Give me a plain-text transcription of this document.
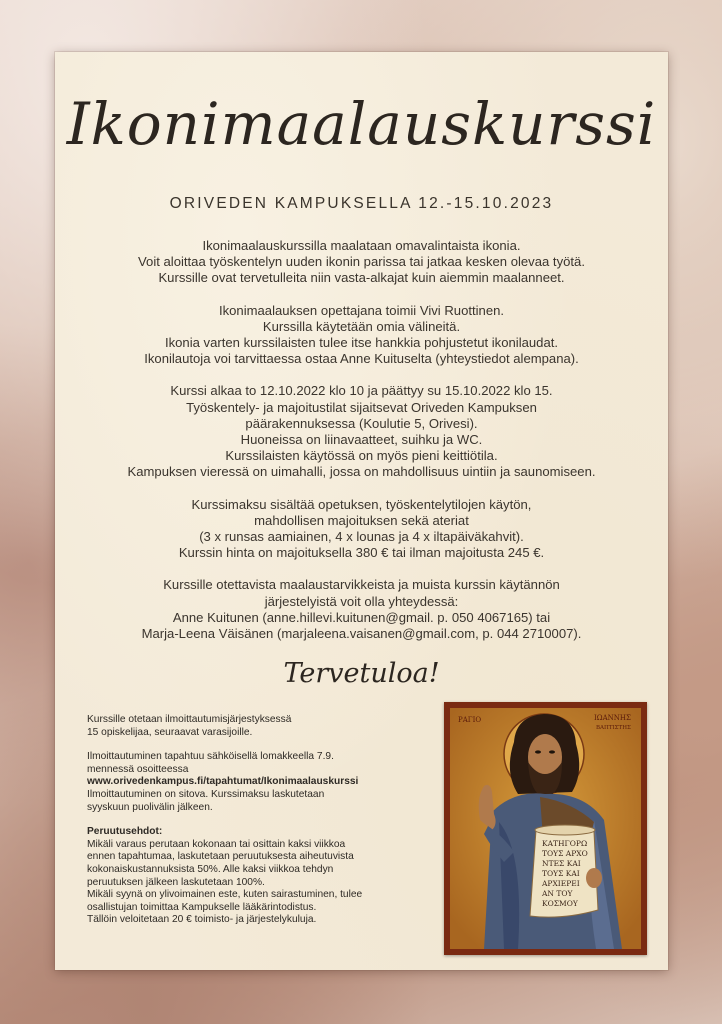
Ikonimaalauskurssi

ORIVEDEN KAMPUKSELLA 12.-15.10.2023

Ikonimaalauskurssilla maalataan omavalintaista ikonia.
Voit aloittaa työskentelyn uuden ikonin parissa tai jatkaa kesken olevaa työtä.
Kurssille ovat tervetulleita niin vasta-alkajat kuin aiemmin maalanneet.

Ikonimaalauksen opettajana toimii Vivi Ruottinen.
Kurssilla käytetään omia välineitä.
Ikonia varten kurssilaisten tulee itse hankkia pohjustetut ikonilaudat.
Ikonilautoja voi tarvittaessa ostaa Anne Kuituselta (yhteystiedot alempana).

Kurssi alkaa to 12.10.2022 klo 10 ja päättyy su 15.10.2022 klo 15.
Työskentely- ja majoitustilat sijaitsevat Oriveden Kampuksen
päärakennuksessa (Koulutie 5, Orivesi).
Huoneissa on liinavaatteet, suihku ja WC.
Kurssilaisten käytössä on myös pieni keittiötila.
Kampuksen vieressä on uimahalli, jossa on mahdollisuus uintiin ja saunomiseen.

Kurssimaksu sisältää opetuksen, työskentelytilojen käytön,
mahdollisen majoituksen sekä ateriat
(3 x runsas aamiainen, 4 x lounas ja 4 x iltapäiväkahvit).
Kurssin hinta on majoituksella 380 € tai ilman majoitusta 245 €.

Kurssille otettavista maalaustarvikkeista ja muista kurssin käytännön
järjestelyistä voit olla yhteydessä:
Anne Kuitunen (anne.hillevi.kuitunen@gmail. p. 050 4067165) tai
Marja-Leena Väisänen (marjaleena.vaisanen@gmail.com, p. 044 2710007).

Tervetuloa!

Kurssille otetaan ilmoittautumisjärjestyksessä
15 opiskelijaa, seuraavat varasijoille.

Ilmoittautuminen tapahtuu sähköisellä lomakkeella 7.9.
mennessä osoitteessa
www.orivedenkampus.fi/tapahtumat/Ikonimaalauskurssi
Ilmoittautuminen on sitova. Kurssimaksu laskutetaan
syyskuun puolivälin jälkeen.

Peruutusehdot:
Mikäli varaus perutaan kokonaan tai osittain kaksi viikkoa
ennen tapahtumaa, laskutetaan peruutuksesta aiheutuvista
kokonaiskustannuksista 50%. Alle kaksi viikkoa tehdyn
peruutuksen jälkeen laskutetaan 100%.
Mikäli syynä on ylivoimainen este, kuten sairastuminen, tulee
osallistujan toimittaa Kampukselle lääkärintodistus.
Tällöin veloitetaan 20 € toimisto- ja järjestelykuluja.

ΚΑΤΗΓΟΡΩ
ΤΟΥΣ ΑΡΧΟ
ΝΤΕΣ ΚΑΙ
ΤΟΥΣ ΚΑΙ
ΑΡΧΙΕΡΕΙ
ΑΝ ΤΟΥ
ΚΟΣΜΟΥ
ΡΑΓΙΟ	ΙΩΑΝΝΗΣ
ΒΑΠΤΙΣΤΗΣ
